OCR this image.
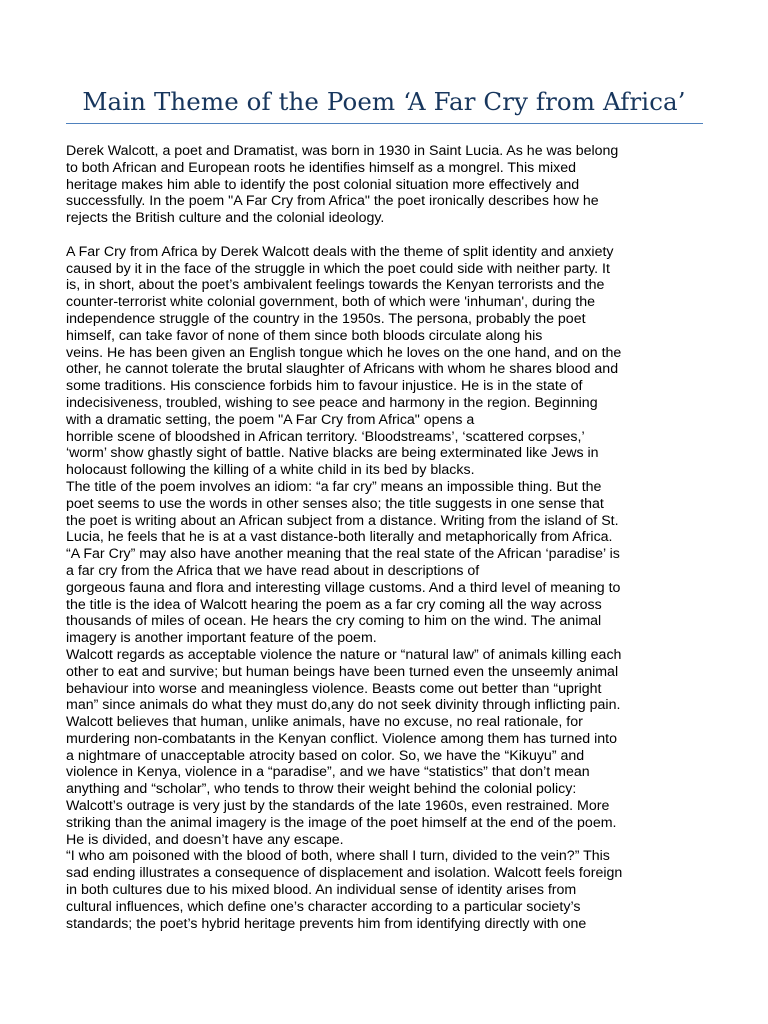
Main Theme of the Poem ‘A Far Cry from Africa’
Derek Walcott, a poet and Dramatist, was born in 1930 in Saint Lucia. As he was belong
to both African and European roots he identifies himself as a mongrel. This mixed
heritage makes him able to identify the post colonial situation more effectively and
successfully. In the poem "A Far Cry from Africa" the poet ironically describes how he
rejects the British culture and the colonial ideology.
A Far Cry from Africa by Derek Walcott deals with the theme of split identity and anxiety
caused by it in the face of the struggle in which the poet could side with neither party. It
is, in short, about the poet’s ambivalent feelings towards the Kenyan terrorists and the
counter-terrorist white colonial government, both of which were 'inhuman', during the
independence struggle of the country in the 1950s. The persona, probably the poet
himself, can take favor of none of them since both bloods circulate along his
veins. He has been given an English tongue which he loves on the one hand, and on the
other, he cannot tolerate the brutal slaughter of Africans with whom he shares blood and
some traditions. His conscience forbids him to favour injustice. He is in the state of
indecisiveness, troubled, wishing to see peace and harmony in the region. Beginning
with a dramatic setting, the poem "A Far Cry from Africa" opens a
horrible scene of bloodshed in African territory. ‘Bloodstreams’, ‘scattered corpses,’
‘worm’ show ghastly sight of battle. Native blacks are being exterminated like Jews in
holocaust following the killing of a white child in its bed by blacks.
The title of the poem involves an idiom: “a far cry” means an impossible thing. But the
poet seems to use the words in other senses also; the title suggests in one sense that
the poet is writing about an African subject from a distance. Writing from the island of St.
Lucia, he feels that he is at a vast distance-both literally and metaphorically from Africa.
“A Far Cry” may also have another meaning that the real state of the African ‘paradise’ is
a far cry from the Africa that we have read about in descriptions of
gorgeous fauna and flora and interesting village customs. And a third level of meaning to
the title is the idea of Walcott hearing the poem as a far cry coming all the way across
thousands of miles of ocean. He hears the cry coming to him on the wind. The animal
imagery is another important feature of the poem.
Walcott regards as acceptable violence the nature or “natural law” of animals killing each
other to eat and survive; but human beings have been turned even the unseemly animal
behaviour into worse and meaningless violence. Beasts come out better than “upright
man” since animals do what they must do,any do not seek divinity through inflicting pain.
Walcott believes that human, unlike animals, have no excuse, no real rationale, for
murdering non-combatants in the Kenyan conflict. Violence among them has turned into
a nightmare of unacceptable atrocity based on color. So, we have the “Kikuyu” and
violence in Kenya, violence in a “paradise”, and we have “statistics” that don’t mean
anything and “scholar”, who tends to throw their weight behind the colonial policy:
Walcott’s outrage is very just by the standards of the late 1960s, even restrained. More
striking than the animal imagery is the image of the poet himself at the end of the poem.
He is divided, and doesn’t have any escape.
“I who am poisoned with the blood of both, where shall I turn, divided to the vein?” This
sad ending illustrates a consequence of displacement and isolation. Walcott feels foreign
in both cultures due to his mixed blood. An individual sense of identity arises from
cultural influences, which define one’s character according to a particular society’s
standards; the poet’s hybrid heritage prevents him from identifying directly with one
